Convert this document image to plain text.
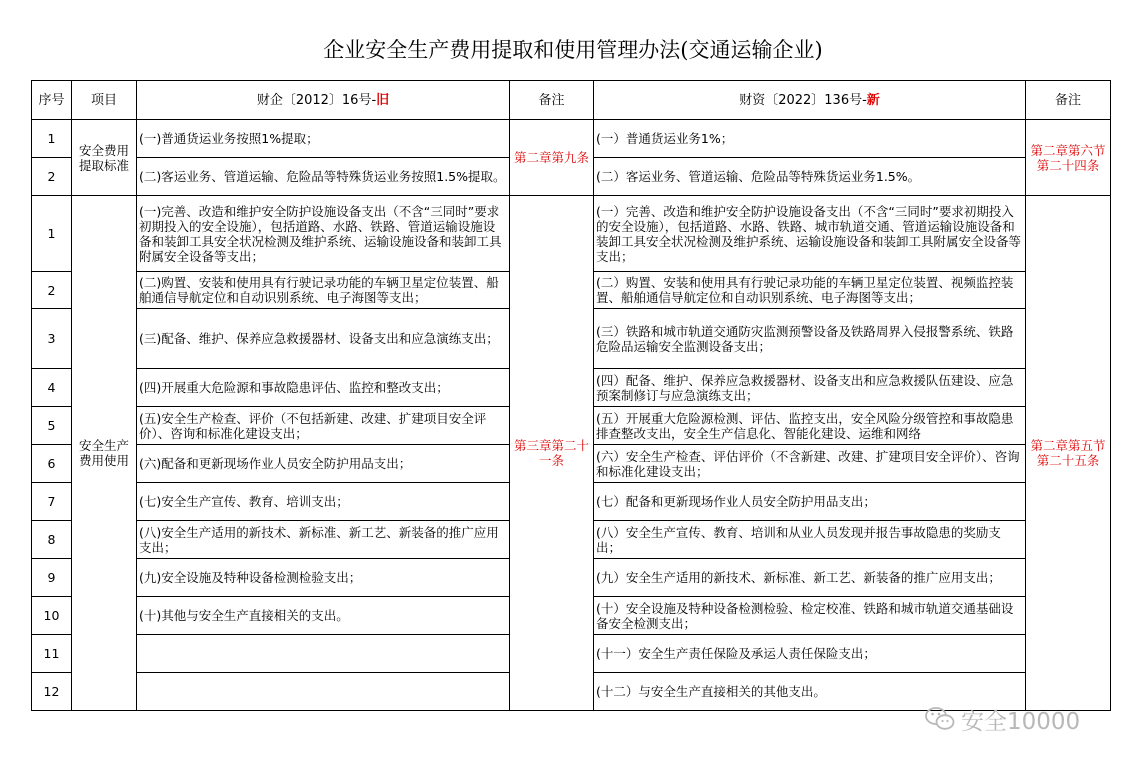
企业安全生产费用提取和使用管理办法(交通运输企业)
序号	项目	财企〔2012〕16号-旧	备注	财资〔2022〕136号-新	备注
1	安全费用提取标准	(一)普通货运业务按照1%提取；	第二章第九条	(一）普通货运业务1%；	第二章第六节第二十四条
2		(二)客运业务、管道运输、危险品等特殊货运业务按照1.5%提取。		(二）客运业务、管道运输、危险品等特殊货运业务1.5%。	
1	安全生产费用使用	(一)完善、改造和维护安全防护设施设备支出（不含“三同时”要求初期投入的安全设施），包括道路、水路、铁路、管道运输设施设备和装卸工具安全状况检测及维护系统、运输设施设备和装卸工具附属安全设备等支出；	第三章第二十一条	(一）完善、改造和维护安全防护设施设备支出（不含“三同时”要求初期投入的安全设施），包括道路、水路、铁路、城市轨道交通、管道运输设施设备和装卸工具安全状况检测及维护系统、运输设施设备和装卸工具附属安全设备等支出；	第二章第五节第二十五条
2		(二)购置、安装和使用具有行驶记录功能的车辆卫星定位装置、船舶通信导航定位和自动识别系统、电子海图等支出；		(二）购置、安装和使用具有行驶记录功能的车辆卫星定位装置、视频监控装置、船舶通信导航定位和自动识别系统、电子海图等支出；	
3		(三)配备、维护、保养应急救援器材、设备支出和应急演练支出；		(三）铁路和城市轨道交通防灾监测预警设备及铁路周界入侵报警系统、铁路危险品运输安全监测设备支出；	
4		(四)开展重大危险源和事故隐患评估、监控和整改支出；		(四）配备、维护、保养应急救援器材、设备支出和应急救援队伍建设、应急预案制修订与应急演练支出；	
5		(五)安全生产检查、评价（不包括新建、改建、扩建项目安全评价）、咨询和标准化建设支出；		(五）开展重大危险源检测、评估、监控支出，安全风险分级管控和事故隐患排查整改支出，安全生产信息化、智能化建设、运维和网络	
6		(六)配备和更新现场作业人员安全防护用品支出；		(六）安全生产检查、评估评价（不含新建、改建、扩建项目安全评价）、咨询和标准化建设支出；	
7		(七)安全生产宣传、教育、培训支出；		(七）配备和更新现场作业人员安全防护用品支出；	
8		(八)安全生产适用的新技术、新标准、新工艺、新装备的推广应用支出；		(八）安全生产宣传、教育、培训和从业人员发现并报告事故隐患的奖励支出；	
9		(九)安全设施及特种设备检测检验支出；		(九）安全生产适用的新技术、新标准、新工艺、新装备的推广应用支出；	
10		(十)其他与安全生产直接相关的支出。		(十）安全设施及特种设备检测检验、检定校准、铁路和城市轨道交通基础设备安全检测支出；	
11				(十一）安全生产责任保险及承运人责任保险支出；	
12				(十二）与安全生产直接相关的其他支出。	
安全10000
